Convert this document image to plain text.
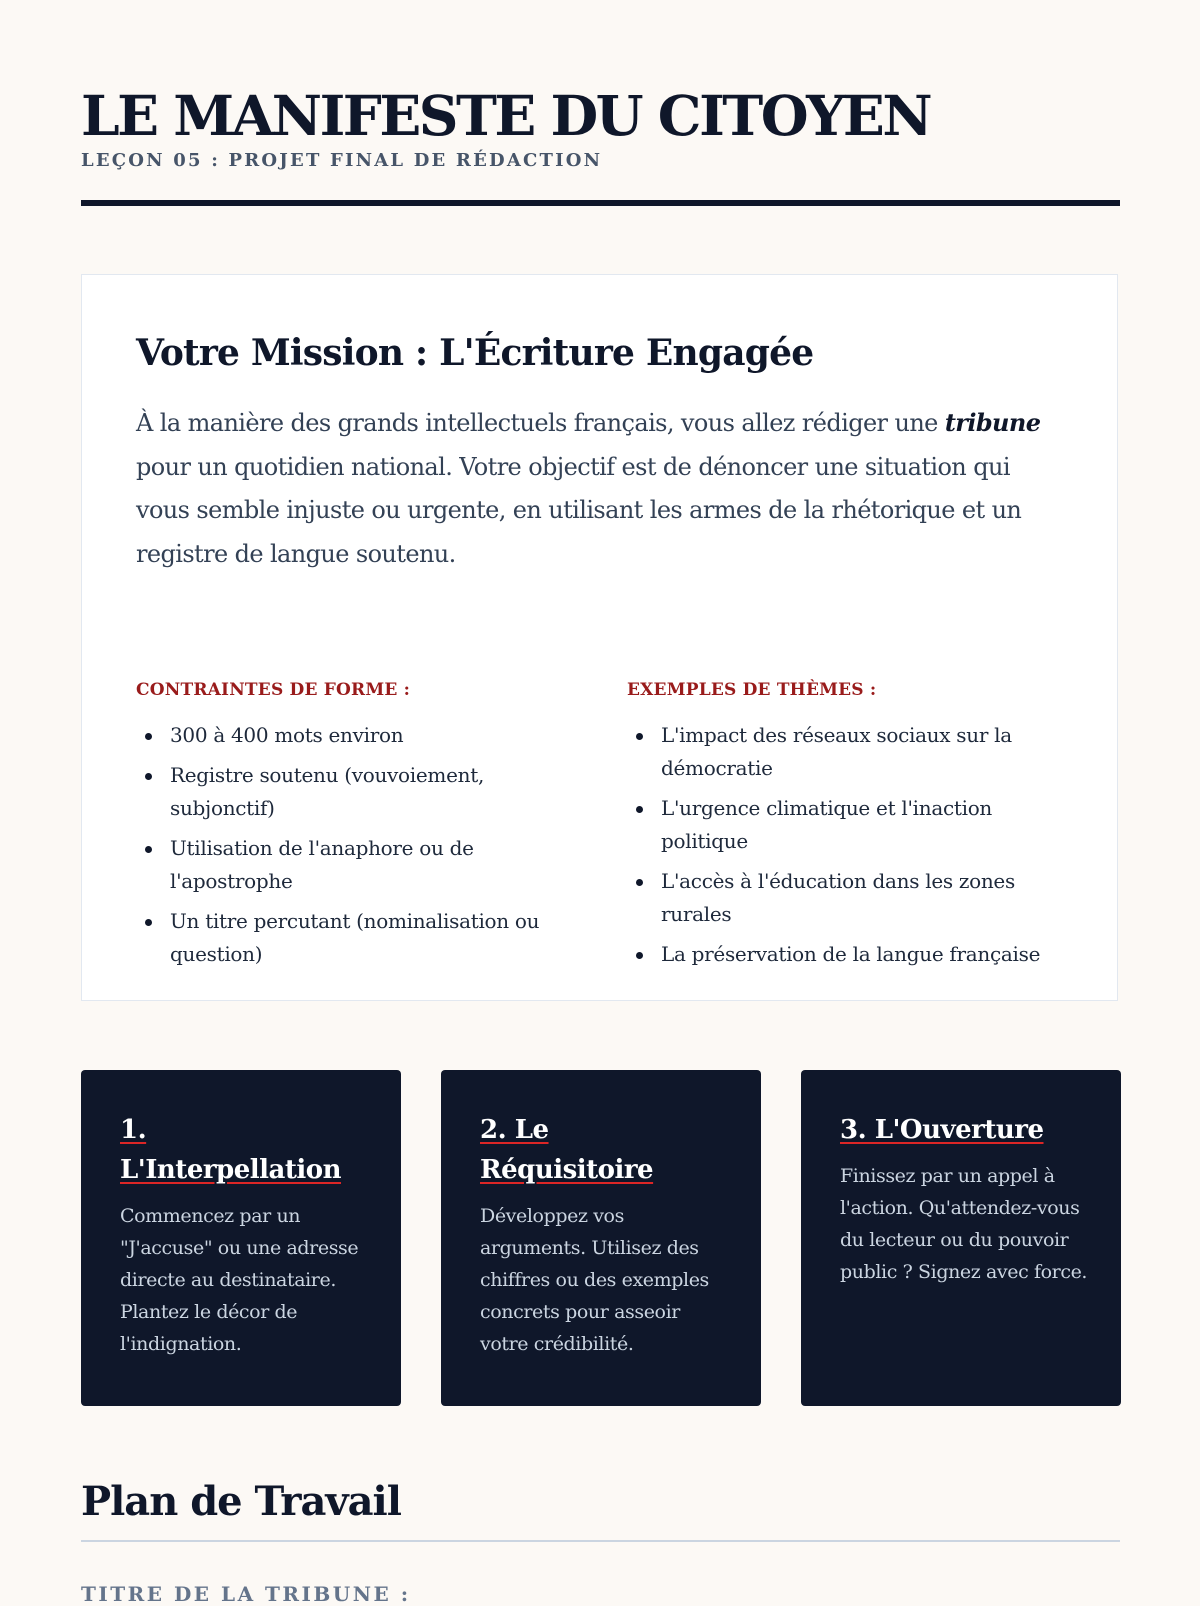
LE MANIFESTE DU CITOYEN

LEÇON 05 : PROJET FINAL DE RÉDACTION

Votre Mission : L'Écriture Engagée

À la manière des grands intellectuels français, vous allez rédiger une tribune pour un quotidien national. Votre objectif est de dénoncer une situation qui vous semble injuste ou urgente, en utilisant les armes de la rhétorique et un registre de langue soutenu.

CONTRAINTES DE FORME :
300 à 400 mots environ
Registre soutenu (vouvoiement, subjonctif)
Utilisation de l'anaphore ou de l'apostrophe
Un titre percutant (nominalisation ou question)
EXEMPLES DE THÈMES :
L'impact des réseaux sociaux sur la démocratie
L'urgence climatique et l'inaction politique
L'accès à l'éducation dans les zones rurales
La préservation de la langue française
1. L'Interpellation

Commencez par un "J'accuse" ou une adresse directe au destinataire. Plantez le décor de l'indignation.

2. Le Réquisitoire

Développez vos arguments. Utilisez des chiffres ou des exemples concrets pour asseoir votre crédibilité.

3. L'Ouverture

Finissez par un appel à l'action. Qu'attendez-vous du lecteur ou du pouvoir public ? Signez avec force.

Plan de Travail

TITRE DE LA TRIBUNE :
